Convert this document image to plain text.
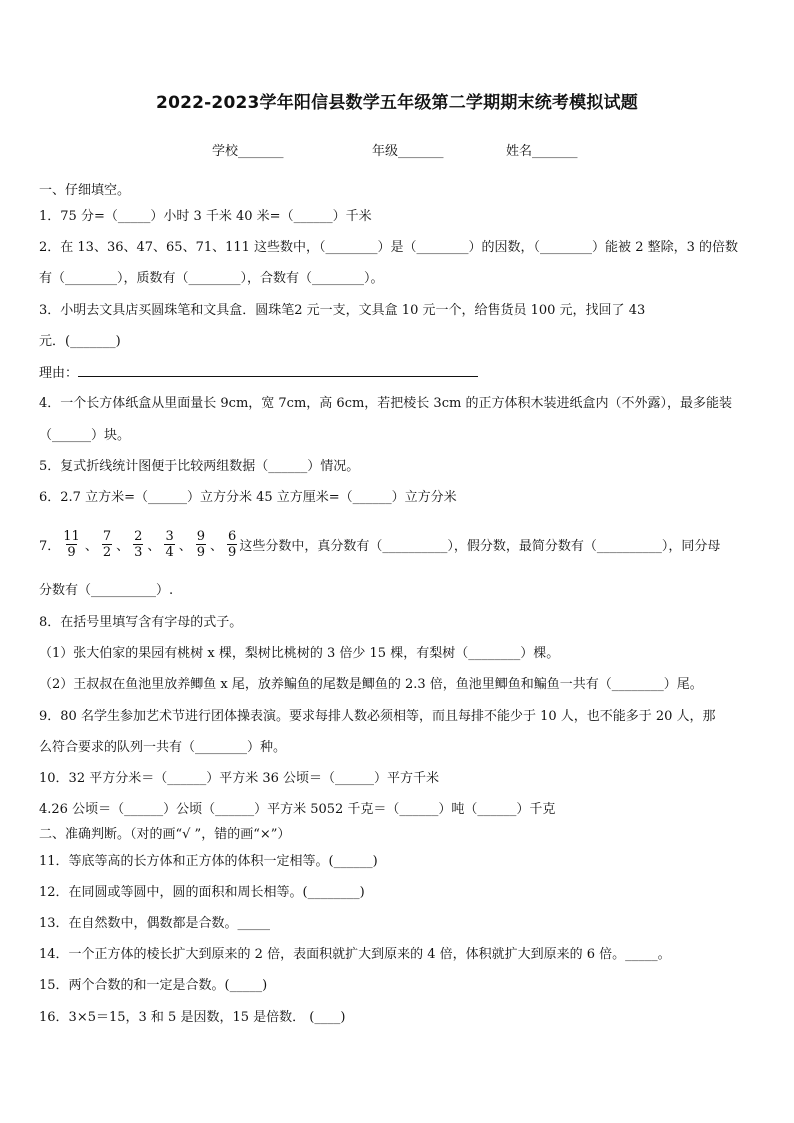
2022-2023学年阳信县数学五年级第二学期期末统考模拟试题
学校_______	年级_______	姓名_______
一、仔细填空。
1．75 分=（_____）小时 3 千米 40 米=（______）千米
2．在 13、36、47、65、71、111 这些数中，（________）是（________）的因数，（________）能被 2 整除，3 的倍数
有（________），质数有（________），合数有（________）。
3．小明去文具店买圆珠笔和文具盒．圆珠笔2 元一支，文具盒 10 元一个，给售货员 100 元，找回了 43
元．(_______)
理由：
4．一个长方体纸盒从里面量长 9cm，宽 7cm，高 6cm，若把棱长 3cm 的正方体积木装进纸盒内（不外露），最多能装
（______）块。
5．复式折线统计图便于比较两组数据（______）情况。
6．2.7 立方米=（______）立方分米 45 立方厘米=（______）立方分米
7． $\frac{11}{9}$ 、 $\frac{7}{2}$ 、 $\frac{2}{3}$ 、 $\frac{3}{4}$ 、 $\frac{9}{9}$ 、 $\frac{6}{9}$ 这些分数中，真分数有（__________），假分数，最简分数有（__________），同分母
分数有（__________）.
8．在括号里填写含有字母的式子。
（1）张大伯家的果园有桃树 x 棵，梨树比桃树的 3 倍少 15 棵，有梨树（________）棵。
（2）王叔叔在鱼池里放养鲫鱼 x 尾，放养鳊鱼的尾数是鲫鱼的 2.3 倍，鱼池里鲫鱼和鳊鱼一共有（________）尾。
9．80 名学生参加艺术节进行团体操表演。要求每排人数必须相等，而且每排不能少于 10 人，也不能多于 20 人，那
么符合要求的队列一共有（________）种。
10．32 平方分米＝（______）平方米 36 公顷＝（______）平方千米
4.26 公顷＝（______）公顷（______）平方米 5052 千克＝（______）吨（______）千克
二、准确判断。（对的画“√ ”，错的画“×”）
11．等底等高的长方体和正方体的体积一定相等。(______)
12．在同圆或等圆中，圆的面积和周长相等。(________)
13．在自然数中，偶数都是合数。_____
14．一个正方体的棱长扩大到原来的 2 倍，表面积就扩大到原来的 4 倍，体积就扩大到原来的 6 倍。_____。
15．两个合数的和一定是合数。(_____)
16．3×5＝15，3 和 5 是因数，15 是倍数． (____)
